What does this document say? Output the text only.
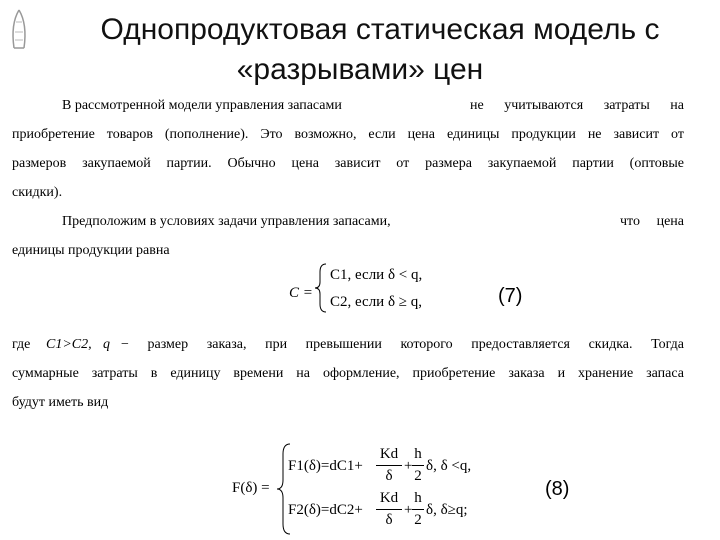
Однопродуктовая статическая модель с
«разрывами» цен
В рассмотренной модели управления запасами	не учитываются затраты на
приобретение товаров (пополнение). Это возможно, если цена единицы продукции не зависит от
размеров закупаемой партии. Обычно цена зависит от размера закупаемой партии (оптовые
скидки).
Предположим в условиях задачи управления запасами,	что цена
единицы продукции равна
C =
C1, если δ < q,
C2, если δ ≥ q,	(7)
где C1>C2, q − размер заказа, при превышении которого предоставляется скидка. Тогда
суммарные затраты в единицу времени на оформление, приобретение заказа и хранение запаса
будут иметь вид
F(δ) =
F1(δ)=dC1+
Kd
δ
+
h
2
δ, δ <q,
F2(δ)=dC2+
Kd
δ
+
h
2
δ, δ≥q;
(8)
